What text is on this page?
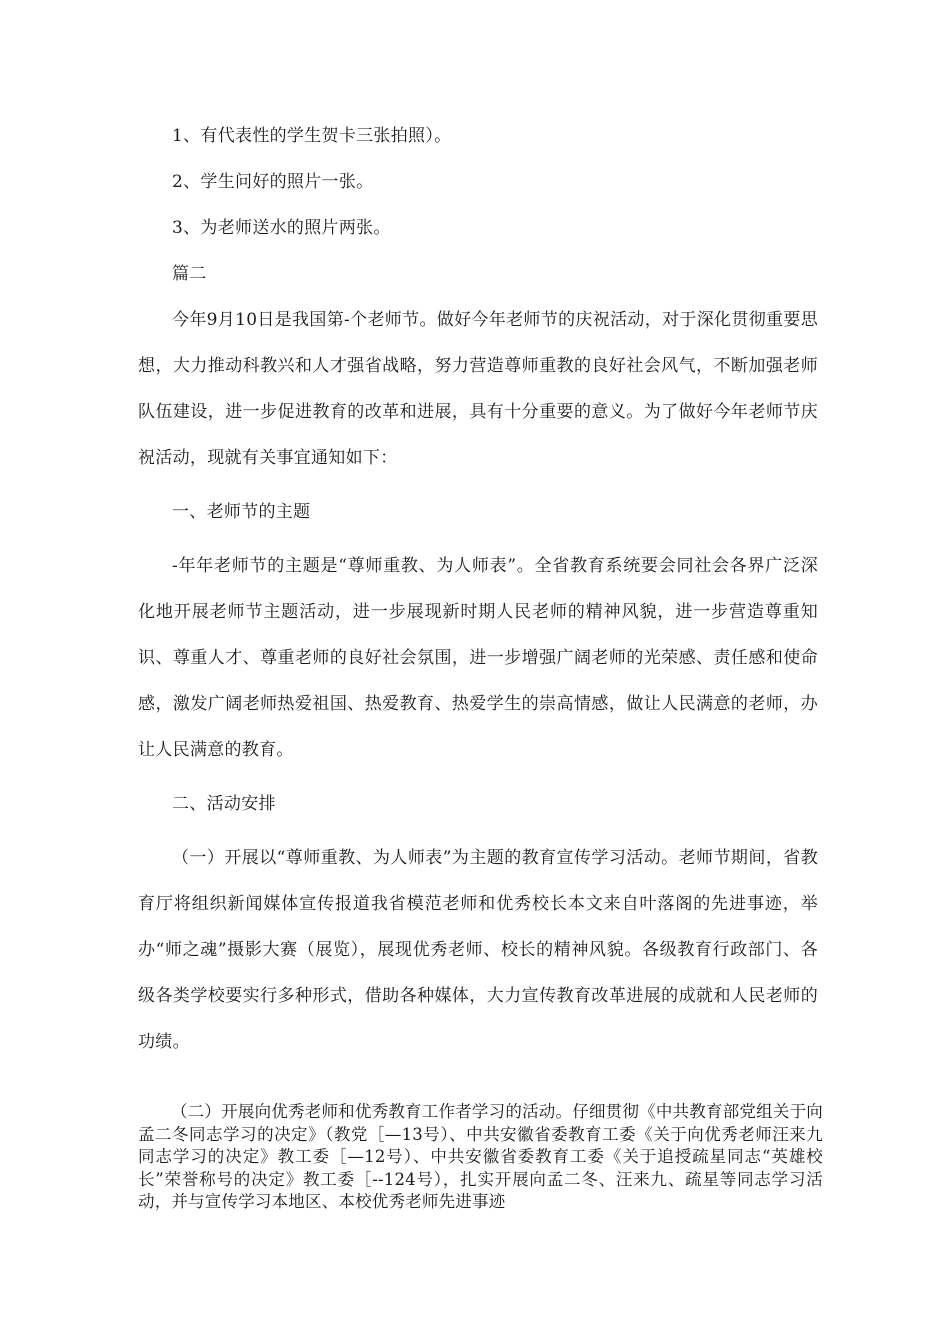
1、有代表性的学生贺卡三张拍照）。

2、学生问好的照片一张。

3、为老师送水的照片两张。

篇二

今年9月10日是我国第-个老师节。做好今年老师节的庆祝活动，对于深化贯彻重要思想，大力推动科教兴和人才强省战略，努力营造尊师重教的良好社会风气，不断加强老师队伍建设，进一步促进教育的改革和进展，具有十分重要的意义。为了做好今年老师节庆祝活动，现就有关事宜通知如下：

一、老师节的主题

-年年老师节的主题是“尊师重教、为人师表”。全省教育系统要会同社会各界广泛深化地开展老师节主题活动，进一步展现新时期人民老师的精神风貌，进一步营造尊重知识、尊重人才、尊重老师的良好社会氛围，进一步增强广阔老师的光荣感、责任感和使命感，激发广阔老师热爱祖国、热爱教育、热爱学生的崇高情感，做让人民满意的老师，办让人民满意的教育。

二、活动安排

（一）开展以“尊师重教、为人师表”为主题的教育宣传学习活动。老师节期间，省教育厅将组织新闻媒体宣传报道我省模范老师和优秀校长本文来自叶落阁的先进事迹，举办“师之魂”摄影大赛（展览），展现优秀老师、校长的精神风貌。各级教育行政部门、各级各类学校要实行多种形式，借助各种媒体，大力宣传教育改革进展的成就和人民老师的功绩。

（二）开展向优秀老师和优秀教育工作者学习的活动。仔细贯彻《中共教育部党组关于向孟二冬同志学习的决定》（教党［—13号）、中共安徽省委教育工委《关于向优秀老师汪来九同志学习的决定》教工委［—12号）、中共安徽省委教育工委《关于追授疏星同志“英雄校长”荣誉称号的决定》教工委［--124号），扎实开展向孟二冬、汪来九、疏星等同志学习活动，并与宣传学习本地区、本校优秀老师先进事迹
